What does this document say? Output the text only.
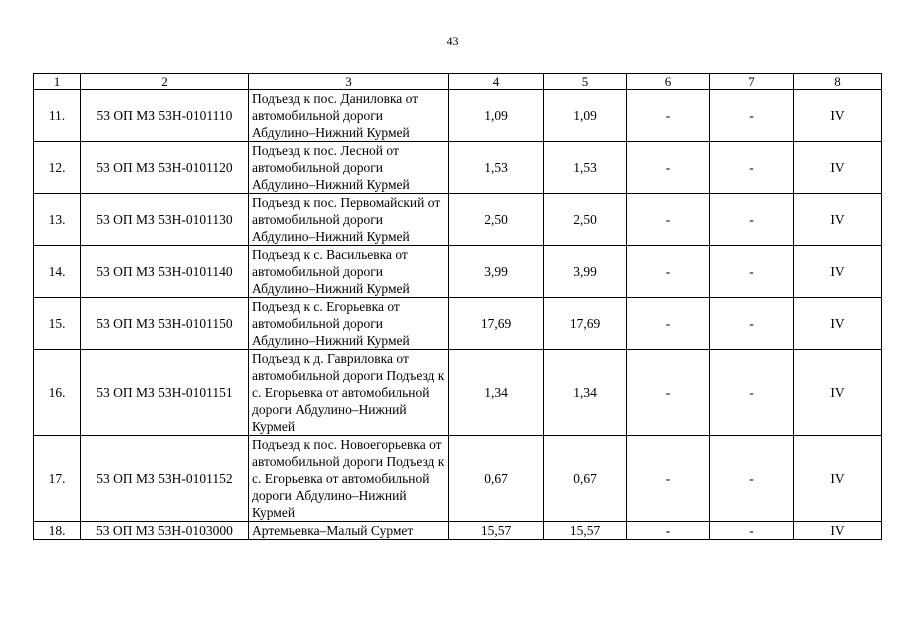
43
1	2	3	4	5	6	7	8
11.	53 ОП МЗ 53Н-0101110	Подъезд к пос. Даниловка от автомобильной дороги Абдулино–Нижний Курмей	1,09	1,09	-	-	IV
12.	53 ОП МЗ 53Н-0101120	Подъезд к пос. Лесной от автомобильной дороги Абдулино–Нижний Курмей	1,53	1,53	-	-	IV
13.	53 ОП МЗ 53Н-0101130	Подъезд к пос. Первомайский от автомобильной дороги Абдулино–Нижний Курмей	2,50	2,50	-	-	IV
14.	53 ОП МЗ 53Н-0101140	Подъезд к с. Васильевка от автомобильной дороги Абдулино–Нижний Курмей	3,99	3,99	-	-	IV
15.	53 ОП МЗ 53Н-0101150	Подъезд к с. Егорьевка от автомобильной дороги Абдулино–Нижний Курмей	17,69	17,69	-	-	IV
16.	53 ОП МЗ 53Н-0101151	Подъезд к д. Гавриловка от автомобильной дороги Подъезд к с. Егорьевка от автомобильной дороги Абдулино–Нижний Курмей	1,34	1,34	-	-	IV
17.	53 ОП МЗ 53Н-0101152	Подъезд к пос. Новоегорьевка от автомобильной дороги Подъезд к с. Егорьевка от автомобильной дороги Абдулино–Нижний Курмей	0,67	0,67	-	-	IV
18.	53 ОП МЗ 53Н-0103000	Артемьевка–Малый Сурмет	15,57	15,57	-	-	IV
